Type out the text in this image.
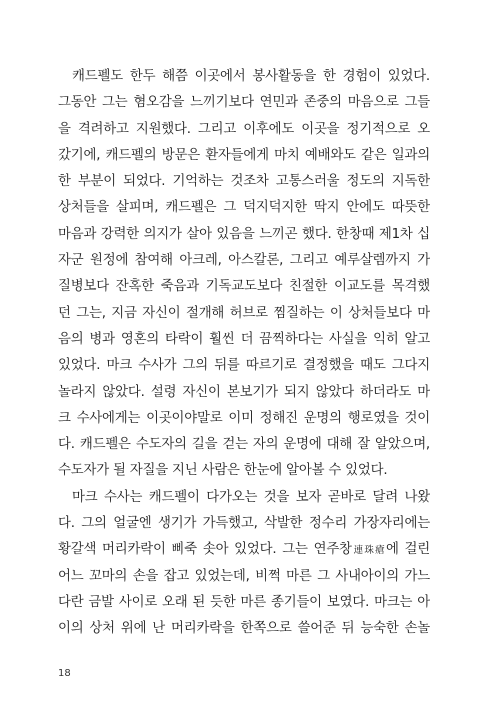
캐드펠도 한두 해쯤 이곳에서 봉사활동을 한 경험이 있었다.
그동안 그는 혐오감을 느끼기보다 연민과 존중의 마음으로 그들
을 격려하고 지원했다. 그리고 이후에도 이곳을 정기적으로 오
갔기에, 캐드펠의 방문은 환자들에게 마치 예배와도 같은 일과의
한 부분이 되었다. 기억하는 것조차 고통스러울 정도의 지독한
상처들을 살피며, 캐드펠은 그 덕지덕지한 딱지 안에도 따뜻한
마음과 강력한 의지가 살아 있음을 느끼곤 했다. 한창때 제1차 십
자군 원정에 참여해 아크레, 아스칼론, 그리고 예루살렘까지 가
질병보다 잔혹한 죽음과 기독교도보다 친절한 이교도를 목격했
던 그는, 지금 자신이 절개해 허브로 찜질하는 이 상처들보다 마
음의 병과 영혼의 타락이 훨씬 더 끔찍하다는 사실을 익히 알고
있었다. 마크 수사가 그의 뒤를 따르기로 결정했을 때도 그다지
놀라지 않았다. 설령 자신이 본보기가 되지 않았다 하더라도 마
크 수사에게는 이곳이야말로 이미 정해진 운명의 행로였을 것이
다. 캐드펠은 수도자의 길을 걷는 자의 운명에 대해 잘 알았으며,
수도자가 될 자질을 지닌 사람은 한눈에 알아볼 수 있었다.
마크 수사는 캐드펠이 다가오는 것을 보자 곧바로 달려 나왔
다. 그의 얼굴엔 생기가 가득했고, 삭발한 정수리 가장자리에는
황갈색 머리카락이 삐죽 솟아 있었다. 그는 연주창連珠瘡에 걸린
어느 꼬마의 손을 잡고 있었는데, 비쩍 마른 그 사내아이의 가느
다란 금발 사이로 오래 된 듯한 마른 종기들이 보였다. 마크는 아
이의 상처 위에 난 머리카락을 한쪽으로 쓸어준 뒤 능숙한 손놀
18
